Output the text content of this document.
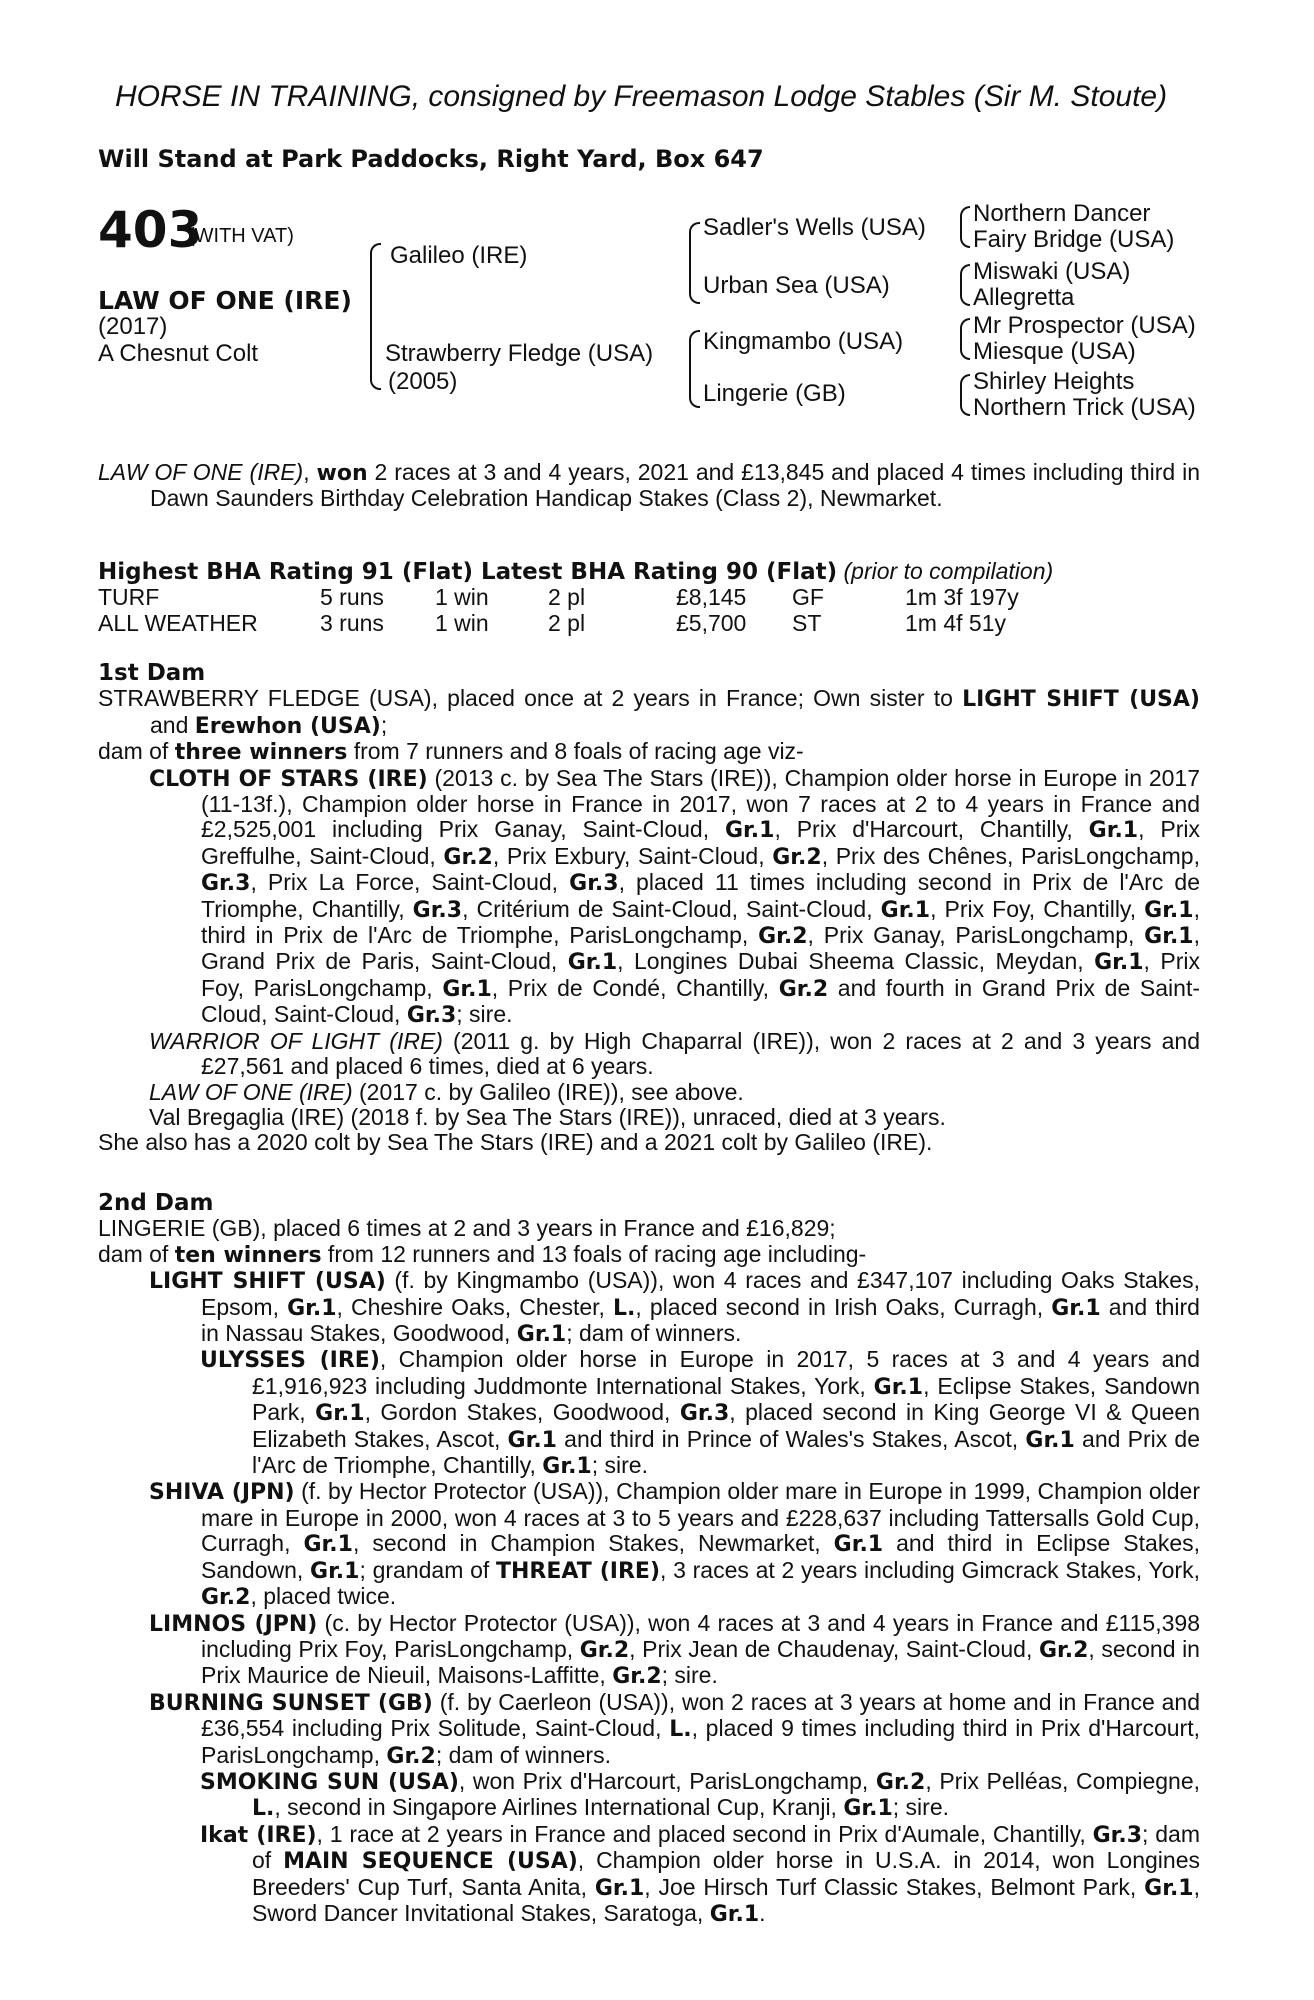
HORSE IN TRAINING, consigned by Freemason Lodge Stables (Sir M. Stoute)
Will Stand at Park Paddocks, Right Yard, Box 647
403
(WITH VAT)
LAW OF ONE (IRE)
(2017)
A Chesnut Colt
Galileo (IRE)
Strawberry Fledge (USA)
(2005)
Sadler's Wells (USA)
Urban Sea (USA)
Kingmambo (USA)
Lingerie (GB)
Northern Dancer
Fairy Bridge (USA)
Miswaki (USA)
Allegretta
Mr Prospector (USA)
Miesque (USA)
Shirley Heights
Northern Trick (USA)

LAW OF ONE (IRE), won 2 races at 3 and 4 years, 2021 and £13,845 and placed 4 times including third in Dawn Saunders Birthday Celebration Handicap Stakes (Class 2), Newmarket.

Highest BHA Rating 91 (Flat) Latest BHA Rating 90 (Flat) (prior to compilation)
TURF	5 runs 1 win	2 pl	£8,145 GF	1m 3f 197y
ALL WEATHER	3 runs 1 win	2 pl	£5,700 ST	1m 4f 51y

1st Dam

STRAWBERRY FLEDGE (USA), placed once at 2 years in France; Own sister to LIGHT SHIFT (USA) and Erewhon (USA);

dam of three winners from 7 runners and 8 foals of racing age viz-

CLOTH OF STARS (IRE) (2013 c. by Sea The Stars (IRE)), Champion older horse in Europe in 2017 (11-13f.), Champion older horse in France in 2017, won 7 races at 2 to 4 years in France and £2,525,001 including Prix Ganay, Saint-Cloud, Gr.1, Prix d'Harcourt, Chantilly, Gr.1, Prix Greffulhe, Saint-Cloud, Gr.2, Prix Exbury, Saint-Cloud, Gr.2, Prix des Chênes, ParisLongchamp, Gr.3, Prix La Force, Saint-Cloud, Gr.3, placed 11 times including second in Prix de l'Arc de Triomphe, Chantilly, Gr.3, Critérium de Saint-Cloud, Saint-Cloud, Gr.1, Prix Foy, Chantilly, Gr.1, third in Prix de l'Arc de Triomphe, ParisLongchamp, Gr.2, Prix Ganay, ParisLongchamp, Gr.1, Grand Prix de Paris, Saint-Cloud, Gr.1, Longines Dubai Sheema Classic, Meydan, Gr.1, Prix Foy, ParisLongchamp, Gr.1, Prix de Condé, Chantilly, Gr.2 and fourth in Grand Prix de Saint-Cloud, Saint-Cloud, Gr.3; sire.

WARRIOR OF LIGHT (IRE) (2011 g. by High Chaparral (IRE)), won 2 races at 2 and 3 years and £27,561 and placed 6 times, died at 6 years.

LAW OF ONE (IRE) (2017 c. by Galileo (IRE)), see above.

Val Bregaglia (IRE) (2018 f. by Sea The Stars (IRE)), unraced, died at 3 years.

She also has a 2020 colt by Sea The Stars (IRE) and a 2021 colt by Galileo (IRE).

2nd Dam

LINGERIE (GB), placed 6 times at 2 and 3 years in France and £16,829;

dam of ten winners from 12 runners and 13 foals of racing age including-

LIGHT SHIFT (USA) (f. by Kingmambo (USA)), won 4 races and £347,107 including Oaks Stakes, Epsom, Gr.1, Cheshire Oaks, Chester, L., placed second in Irish Oaks, Curragh, Gr.1 and third in Nassau Stakes, Goodwood, Gr.1; dam of winners.

ULYSSES (IRE), Champion older horse in Europe in 2017, 5 races at 3 and 4 years and £1,916,923 including Juddmonte International Stakes, York, Gr.1, Eclipse Stakes, Sandown Park, Gr.1, Gordon Stakes, Goodwood, Gr.3, placed second in King George VI & Queen Elizabeth Stakes, Ascot, Gr.1 and third in Prince of Wales's Stakes, Ascot, Gr.1 and Prix de l'Arc de Triomphe, Chantilly, Gr.1; sire.

SHIVA (JPN) (f. by Hector Protector (USA)), Champion older mare in Europe in 1999, Champion older mare in Europe in 2000, won 4 races at 3 to 5 years and £228,637 including Tattersalls Gold Cup, Curragh, Gr.1, second in Champion Stakes, Newmarket, Gr.1 and third in Eclipse Stakes, Sandown, Gr.1; grandam of THREAT (IRE), 3 races at 2 years including Gimcrack Stakes, York, Gr.2, placed twice.

LIMNOS (JPN) (c. by Hector Protector (USA)), won 4 races at 3 and 4 years in France and £115,398 including Prix Foy, ParisLongchamp, Gr.2, Prix Jean de Chaudenay, Saint-Cloud, Gr.2, second in Prix Maurice de Nieuil, Maisons-Laffitte, Gr.2; sire.

BURNING SUNSET (GB) (f. by Caerleon (USA)), won 2 races at 3 years at home and in France and £36,554 including Prix Solitude, Saint-Cloud, L., placed 9 times including third in Prix d'Harcourt, ParisLongchamp, Gr.2; dam of winners.

SMOKING SUN (USA), won Prix d'Harcourt, ParisLongchamp, Gr.2, Prix Pelléas, Compiegne, L., second in Singapore Airlines International Cup, Kranji, Gr.1; sire.

Ikat (IRE), 1 race at 2 years in France and placed second in Prix d'Aumale, Chantilly, Gr.3; dam of MAIN SEQUENCE (USA), Champion older horse in U.S.A. in 2014, won Longines Breeders' Cup Turf, Santa Anita, Gr.1, Joe Hirsch Turf Classic Stakes, Belmont Park, Gr.1, Sword Dancer Invitational Stakes, Saratoga, Gr.1.
